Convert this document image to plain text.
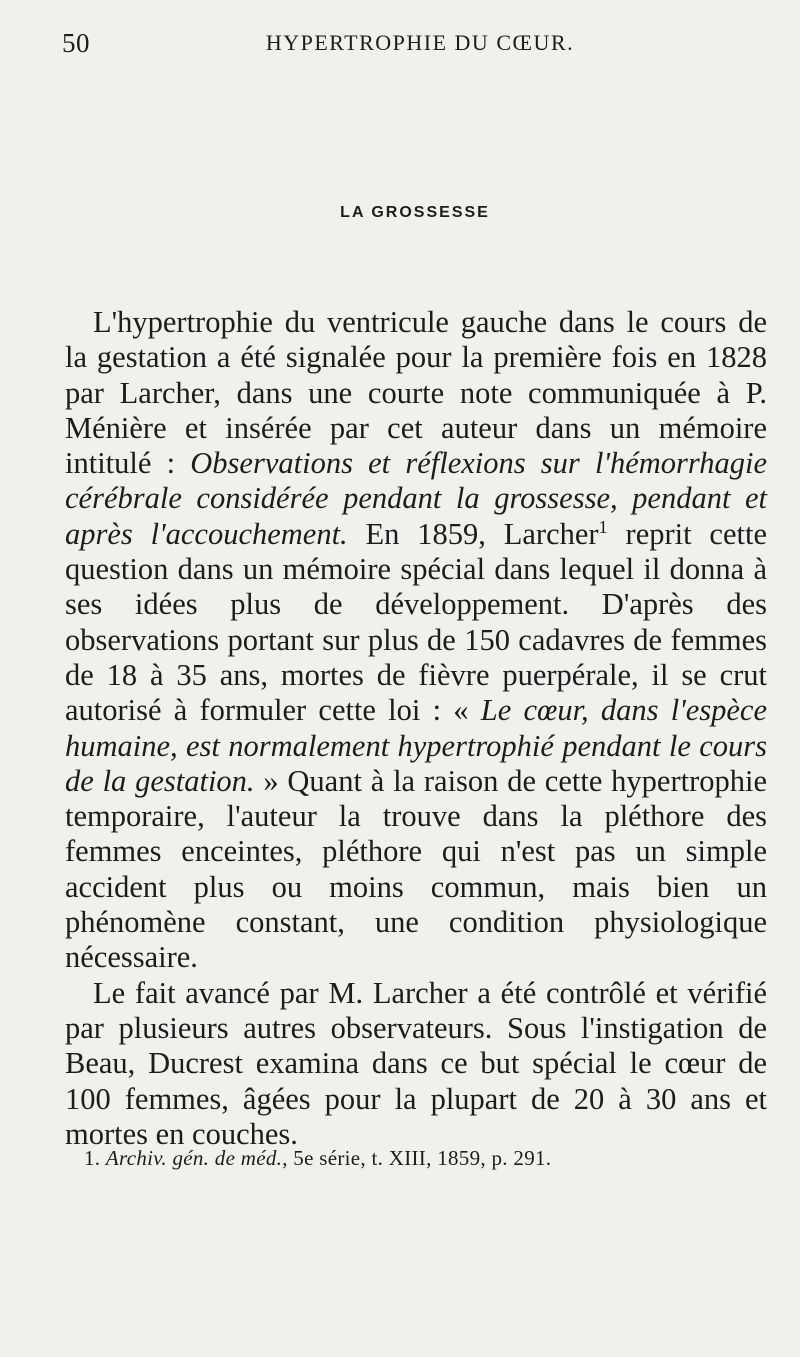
50	HYPERTROPHIE DU CŒUR.
LA GROSSESSE

L'hypertrophie du ventricule gauche dans le cours de la gestation a été signalée pour la première fois en 1828 par Larcher, dans une courte note communiquée à P. Ménière et insérée par cet auteur dans un mémoire intitulé : Observations et réflexions sur l'hémorrhagie cérébrale considérée pendant la grossesse, pendant et après l'accouchement. En 1859, Larcher$^1$ reprit cette question dans un mémoire spécial dans lequel il donna à ses idées plus de développement. D'après des observations portant sur plus de 150 cadavres de femmes de 18 à 35 ans, mortes de fièvre puerpérale, il se crut autorisé à formuler cette loi : « Le cœur, dans l'espèce humaine, est normalement hypertrophié pendant le cours de la gestation. » Quant à la raison de cette hypertrophie temporaire, l'auteur la trouve dans la pléthore des femmes enceintes, pléthore qui n'est pas un simple accident plus ou moins commun, mais bien un phénomène constant, une condition physiologique nécessaire.

Le fait avancé par M. Larcher a été contrôlé et vérifié par plusieurs autres observateurs. Sous l'instigation de Beau, Ducrest examina dans ce but spécial le cœur de 100 femmes, âgées pour la plupart de 20 à 30 ans et mortes en couches.

1. Archiv. gén. de méd., 5e série, t. XIII, 1859, p. 291.
